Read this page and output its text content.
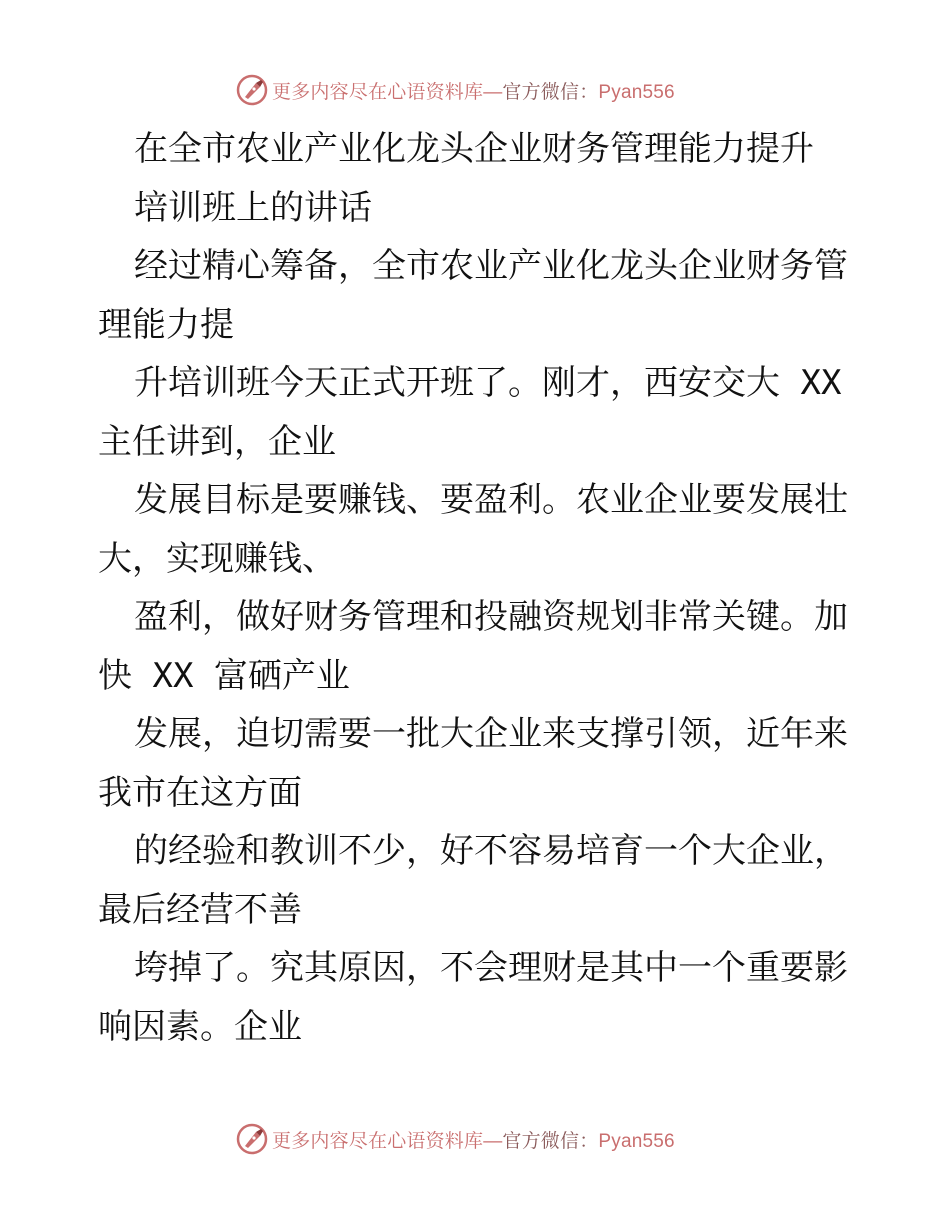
更多内容尽在心语资料库—官方微信：Pyan556
在全市农业产业化龙头企业财务管理能力提升
培训班上的讲话
经过精心筹备，全市农业产业化龙头企业财务管
理能力提
升培训班今天正式开班了。刚才，西安交大 XX
主任讲到，企业
发展目标是要赚钱、要盈利。农业企业要发展壮
大，实现赚钱、
盈利，做好财务管理和投融资规划非常关键。加
快 XX 富硒产业
发展，迫切需要一批大企业来支撑引领，近年来
我市在这方面
的经验和教训不少，好不容易培育一个大企业，
最后经营不善
垮掉了。究其原因，不会理财是其中一个重要影
响因素。企业
更多内容尽在心语资料库—官方微信：Pyan556
